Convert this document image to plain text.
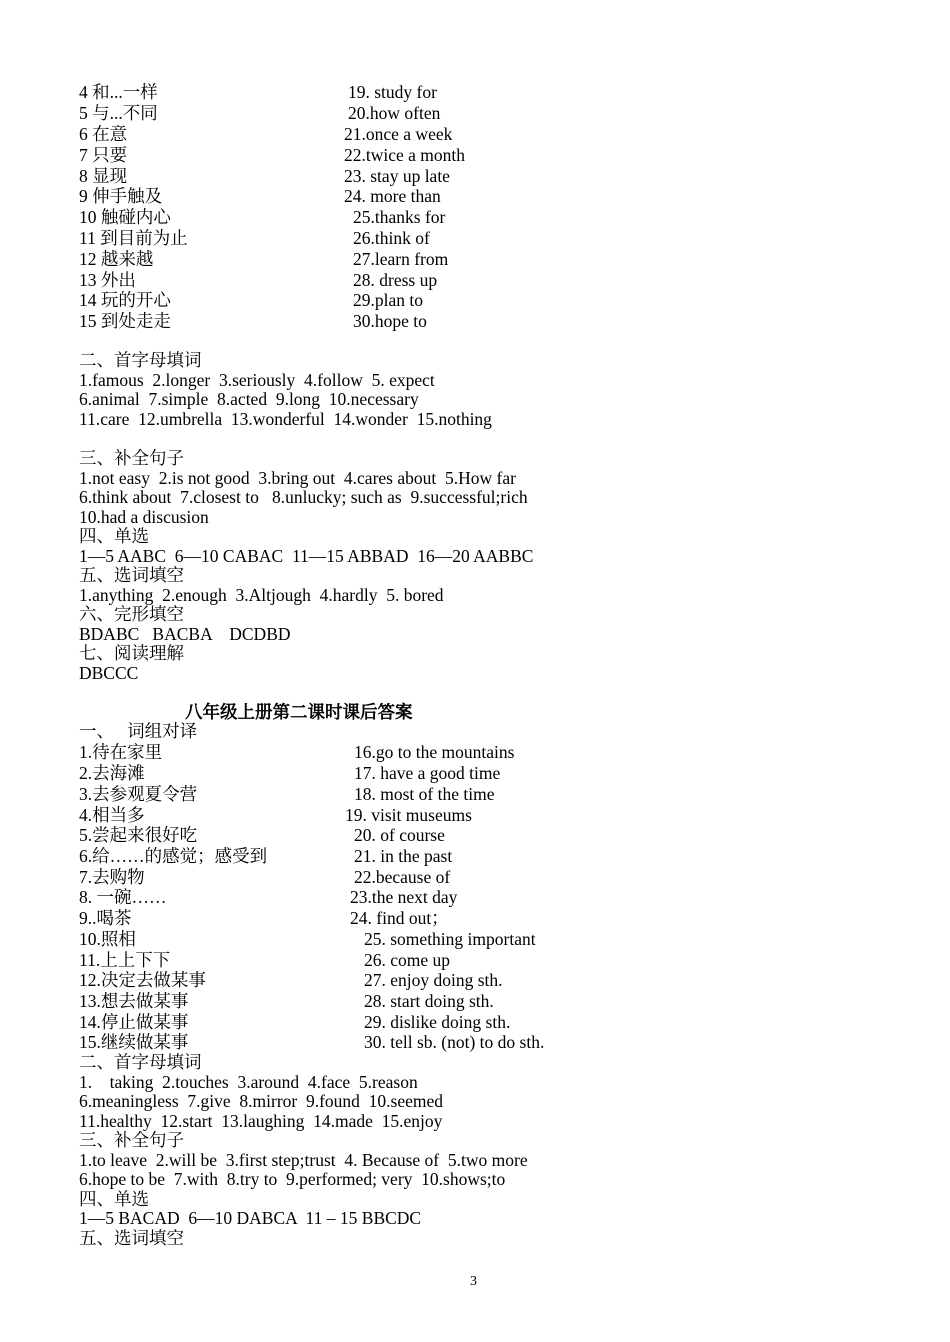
4 和...一样
5 与...不同
6 在意
7 只要
8 显现
9 伸手触及
10 触碰内心
11 到目前为止
12 越来越
13 外出
14 玩的开心
15 到处走走
19. study for
20.how often
21.once a week
22.twice a month
23. stay up late
24. more than
25.thanks for
26.think of
27.learn from
28. dress up
29.plan to
30.hope to
二、首字母填词
1.famous  2.longer  3.seriously  4.follow  5. expect
6.animal  7.simple  8.acted  9.long  10.necessary
11.care  12.umbrella  13.wonderful  14.wonder  15.nothing
三、补全句子
1.not easy  2.is not good  3.bring out  4.cares about  5.How far
6.think about  7.closest to   8.unlucky; such as  9.successful;rich
10.had a discusion
四、单选
1—5 AABC  6—10 CABAC  11—15 ABBAD  16—20 AABBC
五、选词填空
1.anything  2.enough  3.Altjough  4.hardly  5. bored
六、完形填空
BDABC   BACBA    DCDBD
七、阅读理解
DBCCC
八年级上册第二课时课后答案
一、   词组对译
1.待在家里
2.去海滩
3.去参观夏令营
4.相当多
5.尝起来很好吃
6.给……的感觉；感受到
7.去购物
8. 一碗……
9..喝茶
10.照相
11.上上下下
12.决定去做某事
13.想去做某事
14.停止做某事
15.继续做某事
16.go to the mountains
17. have a good time
18. most of the time
19. visit museums
20. of course
21. in the past
22.because of
23.the next day
24. find out；
25. something important
26. come up
27. enjoy doing sth.
28. start doing sth.
29. dislike doing sth.
30. tell sb. (not) to do sth.
二、首字母填词
1.    taking  2.touches  3.around  4.face  5.reason
6.meaningless  7.give  8.mirror  9.found  10.seemed
11.healthy  12.start  13.laughing  14.made  15.enjoy
三、补全句子
1.to leave  2.will be  3.first step;trust  4. Because of  5.two more
6.hope to be  7.with  8.try to  9.performed; very  10.shows;to
四、单选
1—5 BACAD  6—10 DABCA  11 – 15 BBCDC
五、选词填空
3
